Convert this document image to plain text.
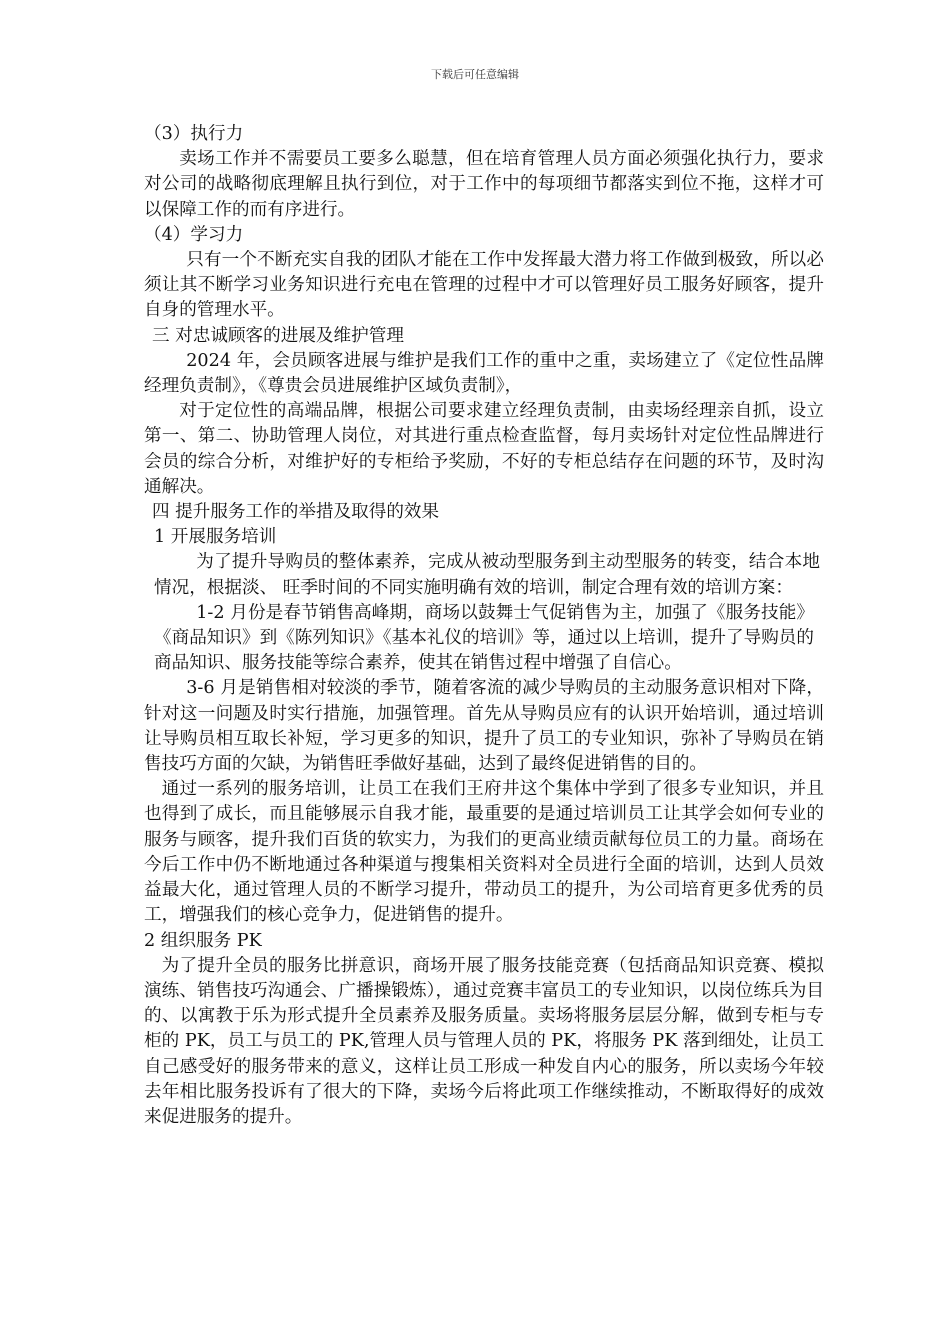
下载后可任意编辑
（3）执行力

卖场工作并不需要员工要多么聪慧，但在培育管理人员方面必须强化执行力，要求对公司的战略彻底理解且执行到位，对于工作中的每项细节都落实到位不拖，这样才可以保障工作的而有序进行。

（4）学习力

只有一个不断充实自我的团队才能在工作中发挥最大潜力将工作做到极致，所以必须让其不断学习业务知识进行充电在管理的过程中才可以管理好员工服务好顾客，提升自身的管理水平。

三 对忠诚顾客的进展及维护管理

2024 年，会员顾客进展与维护是我们工作的重中之重，卖场建立了《定位性品牌经理负责制》，《尊贵会员进展维护区域负责制》，

对于定位性的高端品牌，根据公司要求建立经理负责制，由卖场经理亲自抓，设立第一、第二、协助管理人岗位，对其进行重点检查监督，每月卖场针对定位性品牌进行会员的综合分析，对维护好的专柜给予奖励，不好的专柜总结存在问题的环节，及时沟通解决。

四 提升服务工作的举措及取得的效果
1 开展服务培训

为了提升导购员的整体素养，完成从被动型服务到主动型服务的转变，结合本地情况，根据淡、 旺季时间的不同实施明确有效的培训，制定合理有效的培训方案：

1-2 月份是春节销售高峰期，商场以鼓舞士气促销售为主，加强了《服务技能》《商品知识》到《陈列知识》《基本礼仪的培训》等，通过以上培训，提升了导购员的商品知识、服务技能等综合素养，使其在销售过程中增强了自信心。

3-6 月是销售相对较淡的季节，随着客流的减少导购员的主动服务意识相对下降，针对这一问题及时实行措施，加强管理。首先从导购员应有的认识开始培训，通过培训让导购员相互取长补短，学习更多的知识，提升了员工的专业知识，弥补了导购员在销售技巧方面的欠缺，为销售旺季做好基础，达到了最终促进销售的目的。

通过一系列的服务培训，让员工在我们王府井这个集体中学到了很多专业知识，并且也得到了成长，而且能够展示自我才能，最重要的是通过培训员工让其学会如何专业的服务与顾客，提升我们百货的软实力，为我们的更高业绩贡献每位员工的力量。商场在今后工作中仍不断地通过各种渠道与搜集相关资料对全员进行全面的培训，达到人员效益最大化，通过管理人员的不断学习提升，带动员工的提升，为公司培育更多优秀的员工，增强我们的核心竞争力，促进销售的提升。

2 组织服务 PK

为了提升全员的服务比拼意识，商场开展了服务技能竞赛（包括商品知识竞赛、模拟演练、销售技巧沟通会、广播操锻炼），通过竞赛丰富员工的专业知识，以岗位练兵为目的、以寓教于乐为形式提升全员素养及服务质量。卖场将服务层层分解，做到专柜与专柜的 PK，员工与员工的 PK,管理人员与管理人员的 PK，将服务 PK 落到细处，让员工自己感受好的服务带来的意义，这样让员工形成一种发自内心的服务，所以卖场今年较去年相比服务投诉有了很大的下降，卖场今后将此项工作继续推动，不断取得好的成效来促进服务的提升。
